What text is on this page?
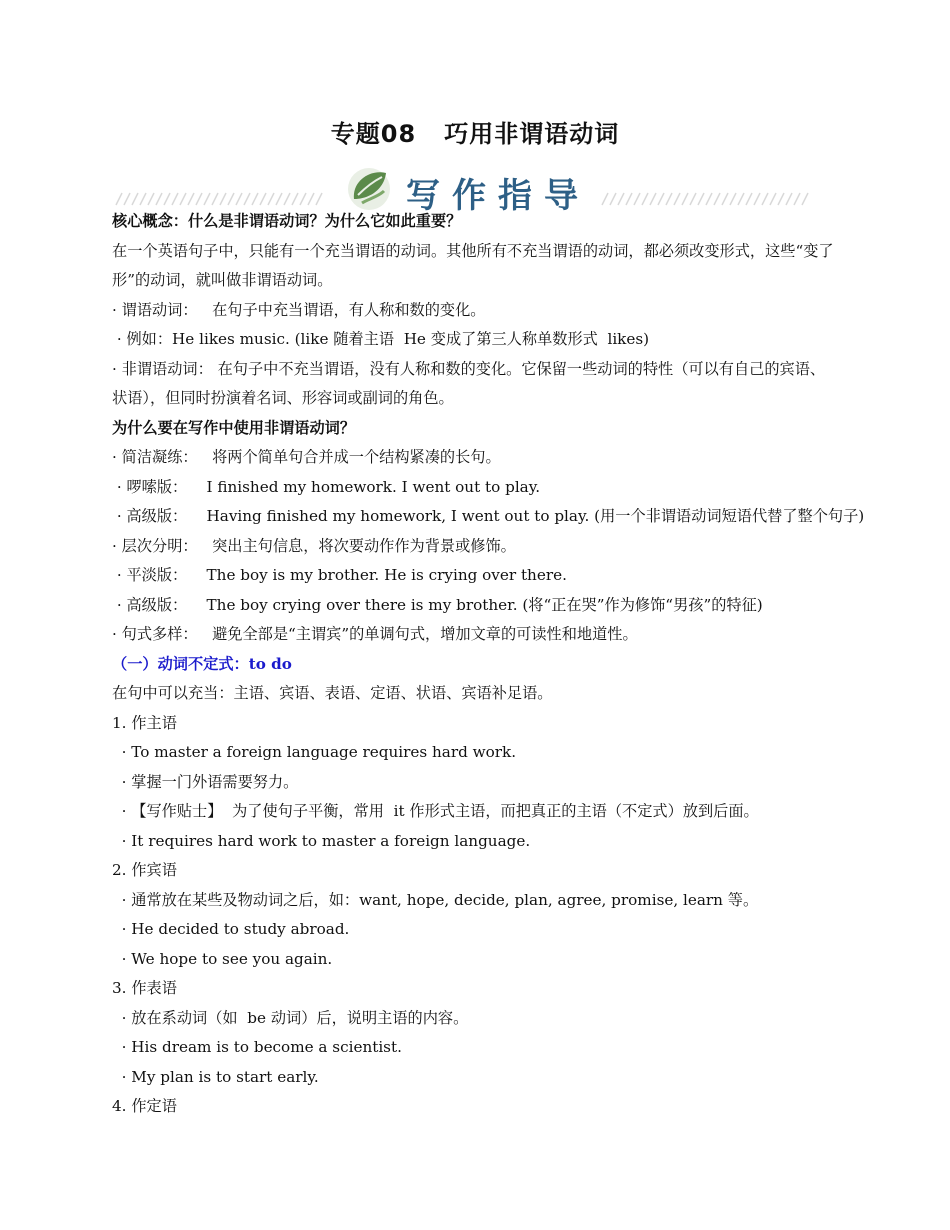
专题08   巧用非谓语动词
写作指导
核心概念：什么是非谓语动词？为什么它如此重要？
在一个英语句子中，只能有一个充当谓语的动词。其他所有不充当谓语的动词，都必须改变形式，这些“变了形”的动词，就叫做非谓语动词。
· 谓语动词：   在句子中充当谓语，有人称和数的变化。
· 例如：He likes music. (like 随着主语  He 变成了第三人称单数形式  likes)
· 非谓语动词： 在句子中不充当谓语，没有人称和数的变化。它保留一些动词的特性（可以有自己的宾语、状语），但同时扮演着名词、形容词或副词的角色。
为什么要在写作中使用非谓语动词？
· 简洁凝练：   将两个简单句合并成一个结构紧凑的长句。
· 啰嗦版：    I finished my homework. I went out to play.
· 高级版：    Having finished my homework, I went out to play. (用一个非谓语动词短语代替了整个句子)
· 层次分明：   突出主句信息，将次要动作作为背景或修饰。
· 平淡版：    The boy is my brother. He is crying over there.
· 高级版：    The boy crying over there is my brother. (将“正在哭”作为修饰“男孩”的特征)
· 句式多样：   避免全部是“主谓宾”的单调句式，增加文章的可读性和地道性。
（一）动词不定式：to do
在句中可以充当：主语、宾语、表语、定语、状语、宾语补足语。
1. 作主语
· To master a foreign language requires hard work.
· 掌握一门外语需要努力。
· 【写作贴士】  为了使句子平衡，常用  it 作形式主语，而把真正的主语（不定式）放到后面。
· It requires hard work to master a foreign language.
2. 作宾语
· 通常放在某些及物动词之后，如：want, hope, decide, plan, agree, promise, learn 等。
· He decided to study abroad.
· We hope to see you again.
3. 作表语
· 放在系动词（如  be 动词）后，说明主语的内容。
· His dream is to become a scientist.
· My plan is to start early.
4. 作定语
